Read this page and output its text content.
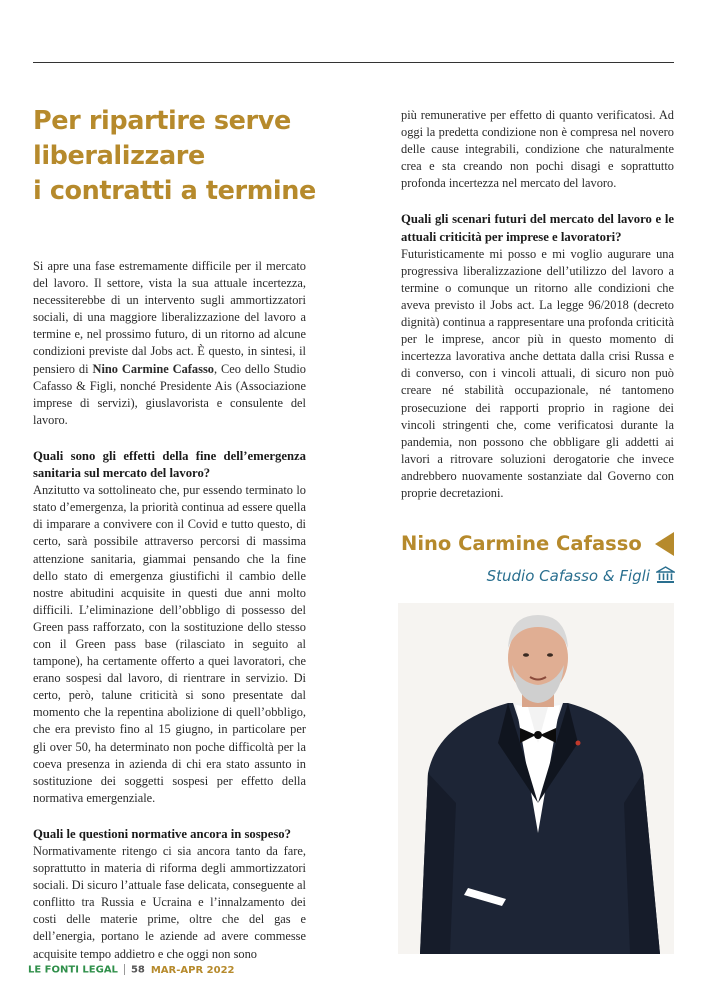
Per ripartire serve
liberalizzare
i contratti a termine

Si apre una fase estremamente difficile per il mercato del lavoro. Il settore, vista la sua attuale incertezza, necessiterebbe di un intervento sugli ammortizzatori sociali, di una maggiore liberalizzazione del lavoro a termine e, nel prossimo futuro, di un ritorno ad alcune condizioni previste dal Jobs act. È questo, in sintesi, il pensiero di Nino Carmine Cafasso, Ceo dello Studio Cafasso & Figli, nonché Presidente Ais (Associazione imprese di servizi), giuslavorista e consulente del lavoro.

Quali sono gli effetti della fine dell’emergenza sanitaria sul mercato del lavoro?

Anzitutto va sottolineato che, pur essendo terminato lo stato d’emergenza, la priorità continua ad essere quella di imparare a convivere con il Covid e tutto questo, di certo, sarà possibile attraverso percorsi di massima attenzione sanitaria, giammai pensando che la fine dello stato di emergenza giustifichi il cambio delle nostre abitudini acquisite in questi due anni molto difficili. L’eliminazione dell’obbligo di possesso del Green pass rafforzato, con la sostituzione dello stesso con il Green pass base (rilasciato in seguito al tampone), ha certamente offerto a quei lavoratori, che erano sospesi dal lavoro, di rientrare in servizio. Di certo, però, talune criticità si sono presentate dal momento che la repentina abolizione di quell’obbligo, che era previsto fino al 15 giugno, in particolare per gli over 50, ha determinato non poche difficoltà per la coeva presenza in azienda di chi era stato assunto in sostituzione dei soggetti sospesi per effetto della normativa emergenziale.

Quali le questioni normative ancora in sospeso?

Normativamente ritengo ci sia ancora tanto da fare, soprattutto in materia di riforma degli ammortizzatori sociali. Di sicuro l’attuale fase delicata, conseguente al conflitto tra Russia e Ucraina e l’innalzamento dei costi delle materie prime, oltre che del gas e dell’energia, portano le aziende ad avere commesse acquisite tempo addietro e che oggi non sono

più remunerative per effetto di quanto verificatosi. Ad oggi la predetta condizione non è compresa nel novero delle cause integrabili, condizione che naturalmente crea e sta creando non pochi disagi e soprattutto profonda incertezza nel mercato del lavoro.

Quali gli scenari futuri del mercato del lavoro e le attuali criticità per imprese e lavoratori?

Futuristicamente mi posso e mi voglio augurare una progressiva liberalizzazione dell’utilizzo del lavoro a termine o comunque un ritorno alle condizioni che aveva previsto il Jobs act. La legge 96/2018 (decreto dignità) continua a rappresentare una profonda criticità per le imprese, ancor più in questo momento di incertezza lavorativa anche dettata dalla crisi Russa e di converso, con i vincoli attuali, di sicuro non può creare né stabilità occupazionale, né tantomeno prosecuzione dei rapporti proprio in ragione dei vincoli stringenti che, come verificatosi durante la pandemia, non possono che obbligare gli addetti ai lavori a ritrovare soluzioni derogatorie che invece andrebbero nuovamente sostanziate dal Governo con proprie decretazioni.

Nino Carmine Cafasso
Studio Cafasso & Figli
LE FONTI LEGAL 58 MAR-APR 2022
